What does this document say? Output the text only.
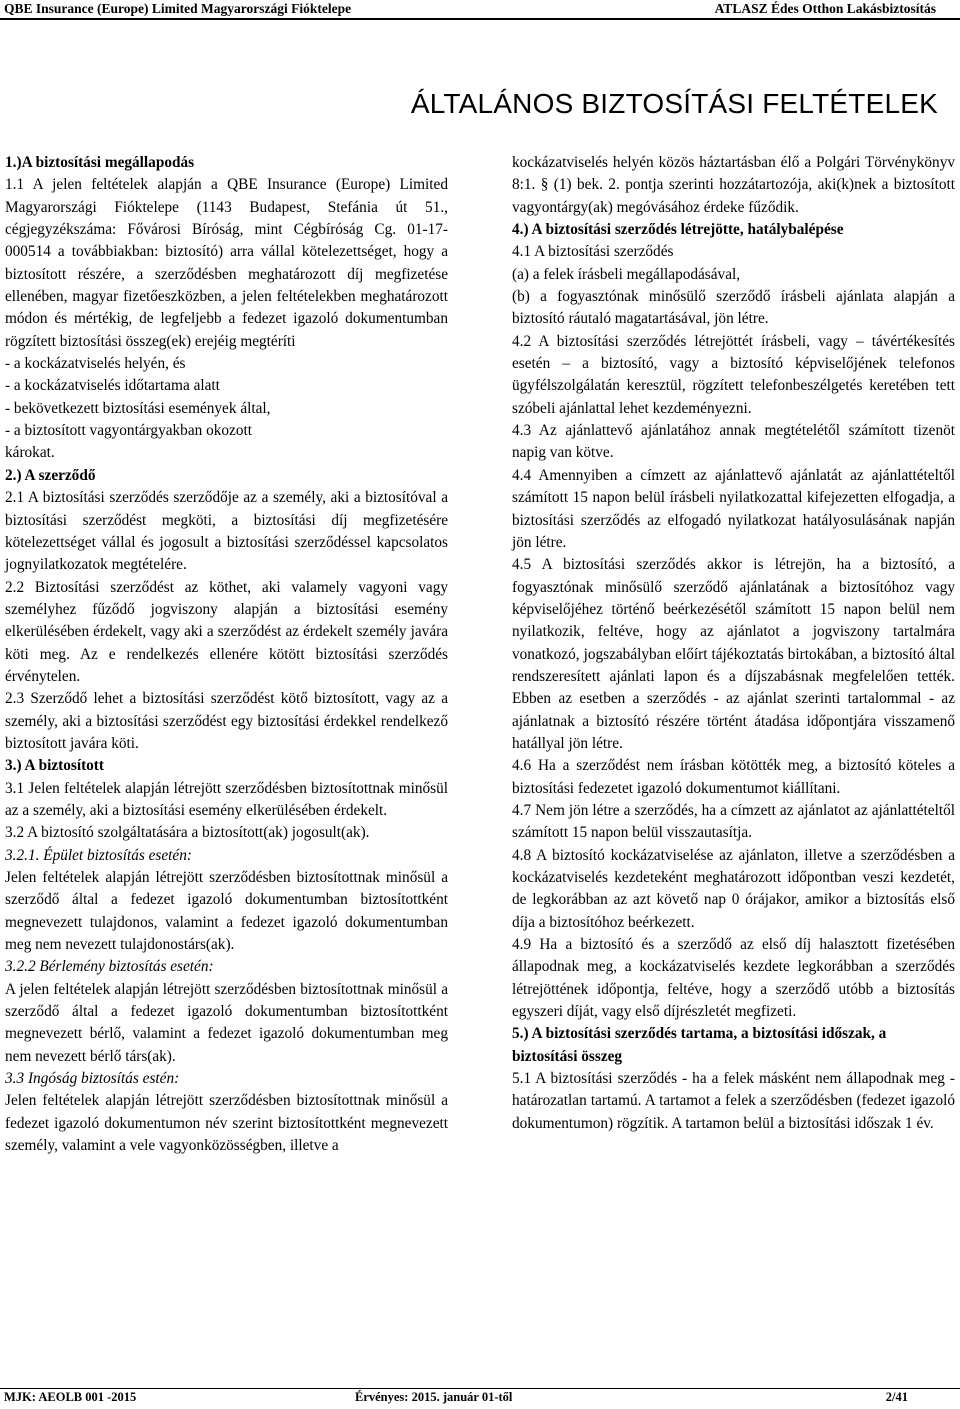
QBE Insurance (Europe) Limited Magyarországi Fióktelepe	ATLASZ Édes Otthon Lakásbiztosítás
ÁLTALÁNOS BIZTOSÍTÁSI FELTÉTELEK

1.)A biztosítási megállapodás

1.1 A jelen feltételek alapján a QBE Insurance (Europe) Limited Magyarországi Fióktelepe (1143 Budapest, Stefánia út 51., cégjegyzékszáma: Fővárosi Bíróság, mint Cégbíróság Cg. 01-17-000514 a továbbiakban: biztosító) arra vállal kötelezettséget, hogy a biztosított részére, a szerződésben meghatározott díj megfizetése ellenében, magyar fizetőeszközben, a jelen feltételekben meghatározott módon és mértékig, de legfeljebb a fedezet igazoló dokumentumban rögzített biztosítási összeg(ek) erejéig megtéríti

- a kockázatviselés helyén, és

- a kockázatviselés időtartama alatt

- bekövetkezett biztosítási események által,

- a biztosított vagyontárgyakban okozott

károkat.

2.) A szerződő

2.1 A biztosítási szerződés szerződője az a személy, aki a biztosítóval a biztosítási szerződést megköti, a biztosítási díj megfizetésére kötelezettséget vállal és jogosult a biztosítási szerződéssel kapcsolatos jognyilatkozatok megtételére.

2.2 Biztosítási szerződést az köthet, aki valamely vagyoni vagy személyhez fűződő jogviszony alapján a biztosítási esemény elkerülésében érdekelt, vagy aki a szerződést az érdekelt személy javára köti meg. Az e rendelkezés ellenére kötött biztosítási szerződés érvénytelen.

2.3 Szerződő lehet a biztosítási szerződést kötő biztosított, vagy az a személy, aki a biztosítási szerződést egy biztosítási érdekkel rendelkező biztosított javára köti.

3.) A biztosított

3.1 Jelen feltételek alapján létrejött szerződésben biztosítottnak minősül az a személy, aki a biztosítási esemény elkerülésében érdekelt.

3.2 A biztosító szolgáltatására a biztosított(ak) jogosult(ak).

3.2.1. Épület biztosítás esetén:

Jelen feltételek alapján létrejött szerződésben biztosítottnak minősül a szerződő által a fedezet igazoló dokumentumban biztosítottként megnevezett tulajdonos, valamint a fedezet igazoló dokumentumban meg nem nevezett tulajdonostárs(ak).

3.2.2 Bérlemény biztosítás esetén:

A jelen feltételek alapján létrejött szerződésben biztosítottnak minősül a szerződő által a fedezet igazoló dokumentumban biztosítottként megnevezett bérlő, valamint a fedezet igazoló dokumentumban meg nem nevezett bérlő társ(ak).

3.3 Ingóság biztosítás estén:

Jelen feltételek alapján létrejött szerződésben biztosítottnak minősül a fedezet igazoló dokumentumon név szerint biztosítottként megnevezett személy, valamint a vele vagyonközösségben, illetve a

kockázatviselés helyén közös háztartásban élő a Polgári Törvénykönyv 8:1. § (1) bek. 2. pontja szerinti hozzátartozója, aki(k)nek a biztosított vagyontárgy(ak) megóvásához érdeke fűződik.

4.) A biztosítási szerződés létrejötte, hatálybalépése

4.1 A biztosítási szerződés

(a) a felek írásbeli megállapodásával,

(b) a fogyasztónak minősülő szerződő írásbeli ajánlata alapján a biztosító ráutaló magatartásával, jön létre.

4.2 A biztosítási szerződés létrejöttét írásbeli, vagy – távértékesítés esetén – a biztosító, vagy a biztosító képviselőjének telefonos ügyfélszolgálatán keresztül, rögzített telefonbeszélgetés keretében tett szóbeli ajánlattal lehet kezdeményezni.

4.3 Az ajánlattevő ajánlatához annak megtételétől számított tizenöt napig van kötve.

4.4 Amennyiben a címzett az ajánlattevő ajánlatát az ajánlattételtől számított 15 napon belül írásbeli nyilatkozattal kifejezetten elfogadja, a biztosítási szerződés az elfogadó nyilatkozat hatályosulásának napján jön létre.

4.5 A biztosítási szerződés akkor is létrejön, ha a biztosító, a fogyasztónak minősülő szerződő ajánlatának a biztosítóhoz vagy képviselőjéhez történő beérkezésétől számított 15 napon belül nem nyilatkozik, feltéve, hogy az ajánlatot a jogviszony tartalmára vonatkozó, jogszabályban előírt tájékoztatás birtokában, a biztosító által rendszeresített ajánlati lapon és a díjszabásnak megfelelően tették. Ebben az esetben a szerződés - az ajánlat szerinti tartalommal - az ajánlatnak a biztosító részére történt átadása időpontjára visszamenő hatállyal jön létre.

4.6 Ha a szerződést nem írásban kötötték meg, a biztosító köteles a biztosítási fedezetet igazoló dokumentumot kiállítani.

4.7 Nem jön létre a szerződés, ha a címzett az ajánlatot az ajánlattételtől számított 15 napon belül visszautasítja.

4.8 A biztosító kockázatviselése az ajánlaton, illetve a szerződésben a kockázatviselés kezdeteként meghatározott időpontban veszi kezdetét, de legkorábban az azt követő nap 0 órájakor, amikor a biztosítás első díja a biztosítóhoz beérkezett.

4.9 Ha a biztosító és a szerződő az első díj halasztott fizetésében állapodnak meg, a kockázatviselés kezdete legkorábban a szerződés létrejöttének időpontja, feltéve, hogy a szerződő utóbb a biztosítás egyszeri díját, vagy első díjrészletét megfizeti.

5.) A biztosítási szerződés tartama, a biztosítási időszak, a biztosítási összeg

5.1 A biztosítási szerződés - ha a felek másként nem állapodnak meg - határozatlan tartamú. A tartamot a felek a szerződésben (fedezet igazoló dokumentumon) rögzítik. A tartamon belül a biztosítási időszak 1 év.

MJK: AEOLB 001 -2015	Érvényes: 2015. január 01-től	2/41
